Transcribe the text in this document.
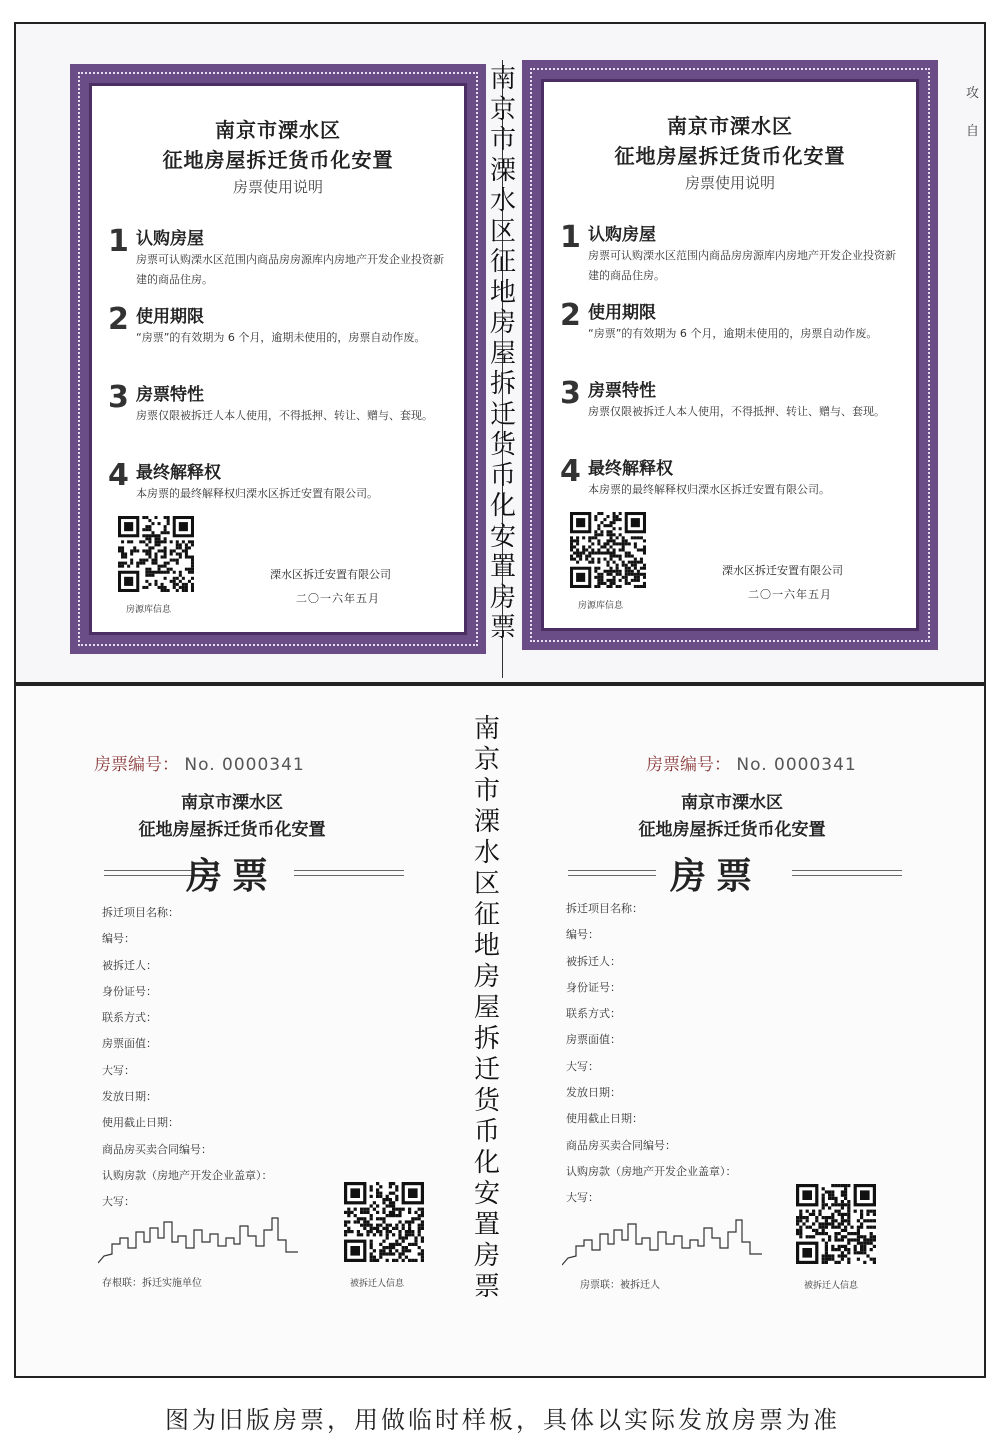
南京市溧水区
征地房屋拆迁货币化安置
房票使用说明
1 认购房屋
房票可认购溧水区范围内商品房房源库内房地产开发企业投资新建的商品住房。
2 使用期限
“房票”的有效期为 6 个月，逾期未使用的，房票自动作废。
3 房票特性
房票仅限被拆迁人本人使用，不得抵押、转让、赠与、套现。
4 最终解释权
本房票的最终解释权归溧水区拆迁安置有限公司。
房源库信息
溧水区拆迁安置有限公司
二〇一六年五月
南京市溧水区
征地房屋拆迁货币化安置
房票使用说明
1 认购房屋
房票可认购溧水区范围内商品房房源库内房地产开发企业投资新建的商品住房。
2 使用期限
“房票”的有效期为 6 个月，逾期未使用的，房票自动作废。
3 房票特性
房票仅限被拆迁人本人使用，不得抵押、转让、赠与、套现。
4 最终解释权
本房票的最终解释权归溧水区拆迁安置有限公司。
房源库信息
溧水区拆迁安置有限公司
二〇一六年五月
南京市溧水区征地房屋拆迁货币化安置房票
攻
自
房票编号： No. 0000341
南京市溧水区
征地房屋拆迁货币化安置
房票
拆迁项目名称：
编号：
被拆迁人：
身份证号：
联系方式：
房票面值：
大写：
发放日期：
使用截止日期：
商品房买卖合同编号：
认购房款（房地产开发企业盖章）：
大写：
被拆迁人信息
存根联：拆迁实施单位
南京市溧水区征地房屋拆迁货币化安置房票
房票编号： No. 0000341
南京市溧水区
征地房屋拆迁货币化安置
房票
拆迁项目名称：
编号：
被拆迁人：
身份证号：
联系方式：
房票面值：
大写：
发放日期：
使用截止日期：
商品房买卖合同编号：
认购房款（房地产开发企业盖章）：
大写：
被拆迁人信息
房票联：被拆迁人
图为旧版房票，用做临时样板，具体以实际发放房票为准
